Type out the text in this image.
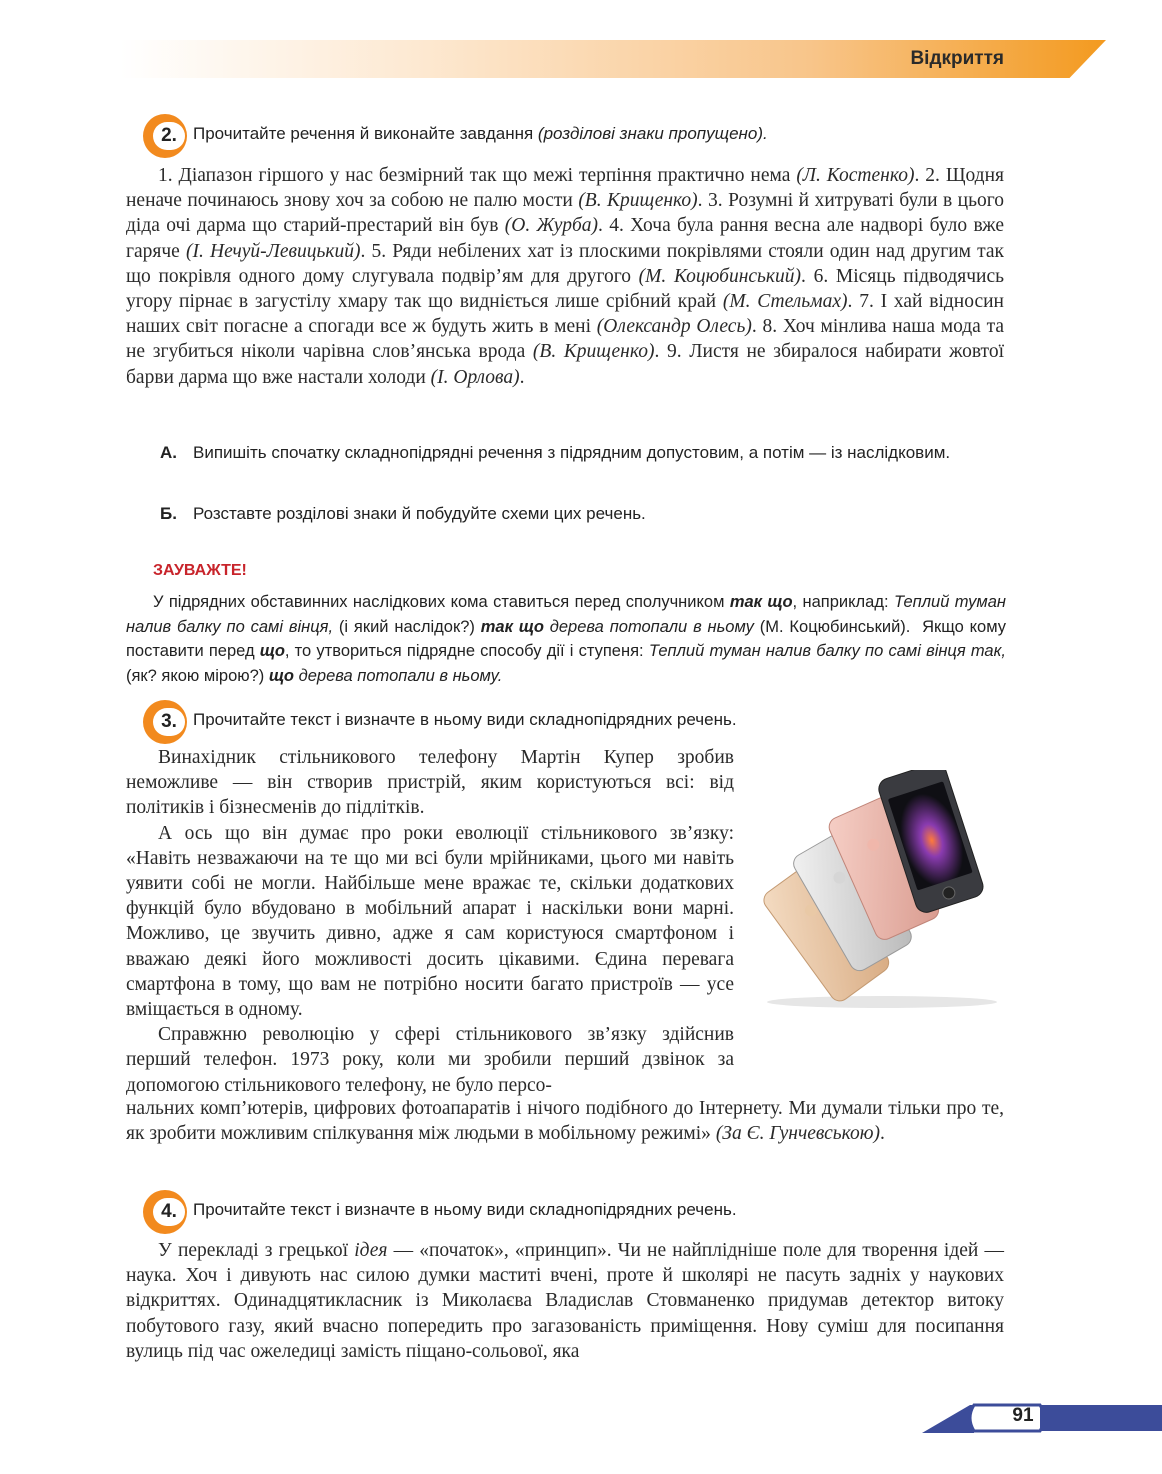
Відкриття
2. Прочитайте речення й виконайте завдання (розділові знаки пропущено).
1. Діапазон гіршого у нас безмірний так що межі терпіння практично нема (Л. Костенко). 2. Щодня неначе починаюсь знову хоч за собою не палю мости (В. Крищенко). 3. Розумні й хитруваті були в цього діда очі дарма що старий-престарий він був (О. Журба). 4. Хоча була рання весна але надворі було вже гаряче (І. Нечуй-Левицький). 5. Ряди небілених хат із плоскими покрівлями стояли один над другим так що покрівля одного дому слугувала подвір’ям для другого (М. Коцюбинський). 6. Місяць підводячись угору пірнає в загустілу хмару так що видніється лише срібний край (М. Стельмах). 7. І хай відносин наших світ погасне а спогади все ж будуть жить в мені (Олександр Олесь). 8. Хоч мінлива наша мода та не згубиться ніколи чарівна слов’янська врода (В. Крищенко). 9. Листя не збиралося набирати жовтої барви дарма що вже настали холоди (І. Орлова).
А. Випишіть спочатку складнопідрядні речення з підрядним допустовим, а потім — із наслідковим.
Б. Розставте розділові знаки й побудуйте схеми цих речень.
ЗАУВАЖТЕ!

У підрядних обставинних наслідкових кома ставиться перед сполучником так що, наприклад: Теплий туман налив балку по самі вінця, (і який наслідок?) так що дерева потопали в ньому (М. Коцюбинський).  Якщо кому поставити перед що, то утвориться підрядне способу дії і ступеня: Теплий туман налив балку по самі вінця так, (як? якою мірою?) що дерева потопали в ньому.

3. Прочитайте текст і визначте в ньому види складнопідрядних речень.

Винахідник стільникового телефону Мартін Купер зробив неможливе — він створив пристрій, яким користуються всі: від політиків і бізнесменів до підлітків.

А ось що він думає про роки еволюції стільникового зв’язку: «Навіть незважаючи на те що ми всі були мрійниками, цього ми навіть уявити собі не могли. Найбільше мене вражає те, скільки додаткових функцій було вбудовано в мобільний апарат і наскільки вони марні. Можливо, це звучить дивно, адже я сам користуюся смартфоном і вважаю деякі його можливості досить цікавими. Єдина перевага смартфона в тому, що вам не потрібно носити багато пристроїв — усе вміщається в одному.

Справжню революцію у сфері стільникового зв’язку здійснив перший телефон. 1973 року, коли ми зробили перший дзвінок за допомогою стільникового телефону, не було персо-

нальних комп’ютерів, цифрових фотоапаратів і нічого подібного до Інтернету. Ми думали тільки про те, як зробити можливим спілкування між людьми в мобільному режимі» (За Є. Гунчевською).
4. Прочитайте текст і визначте в ньому види складнопідрядних речень.
У перекладі з грецької ідея — «початок», «принцип». Чи не найплідніше поле для творення ідей — наука. Хоч і дивують нас силою думки маститі вчені, проте й школярі не пасуть задніх у наукових відкриттях. Одинадцятикласник із Миколаєва Владислав Стовманенко придумав детектор витоку побутового газу, який вчасно попередить про загазованість приміщення. Нову суміш для посипання вулиць під час ожеледиці замість піщано-сольової, яка
91
